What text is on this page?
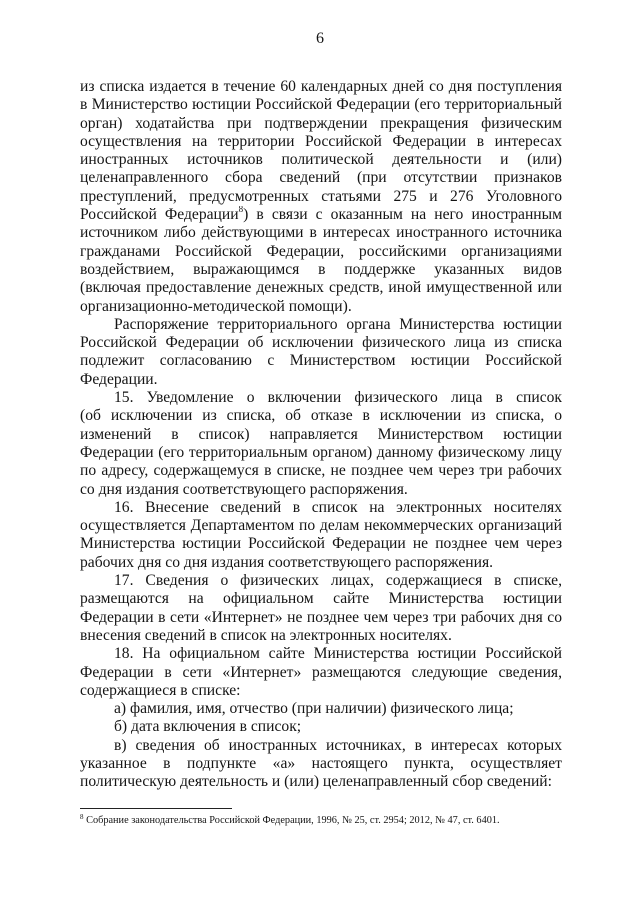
6
из списка издается в течение 60 календарных дней со дня поступления
в Министерство юстиции Российской Федерации (его территориальный
орган) ходатайства при подтверждении прекращения физическим
осуществления на территории Российской Федерации в интересах
иностранных источников политической деятельности и (или)
целенаправленного сбора сведений (при отсутствии признаков
преступлений, предусмотренных статьями 275 и 276 Уголовного
Российской Федерации$^8$) в связи с оказанным на него иностранным
источником либо действующими в интересах иностранного источника
гражданами Российской Федерации, российскими организациями
воздействием, выражающимся в поддержке указанных видов
(включая предоставление денежных средств, иной имущественной или
организационно-методической помощи).
Распоряжение территориального органа Министерства юстиции
Российской Федерации об исключении физического лица из списка
подлежит согласованию с Министерством юстиции Российской
Федерации.
15. Уведомление о включении физического лица в список
(об исключении из списка, об отказе в исключении из списка, о
изменений в список) направляется Министерством юстиции
Федерации (его территориальным органом) данному физическому лицу
по адресу, содержащемуся в списке, не позднее чем через три рабочих
со дня издания соответствующего распоряжения.
16. Внесение сведений в список на электронных носителях
осуществляется Департаментом по делам некоммерческих организаций
Министерства юстиции Российской Федерации не позднее чем через
рабочих дня со дня издания соответствующего распоряжения.
17. Сведения о физических лицах, содержащиеся в списке,
размещаются на официальном сайте Министерства юстиции
Федерации в сети «Интернет» не позднее чем через три рабочих дня со
внесения сведений в список на электронных носителях.
18. На официальном сайте Министерства юстиции Российской
Федерации в сети «Интернет» размещаются следующие сведения,
содержащиеся в списке:
а) фамилия, имя, отчество (при наличии) физического лица;
б) дата включения в список;
в) сведения об иностранных источниках, в интересах которых
указанное в подпункте «а» настоящего пункта, осуществляет
политическую деятельность и (или) целенаправленный сбор сведений:
$^8$ Собрание законодательства Российской Федерации, 1996, № 25, ст. 2954; 2012, № 47, ст. 6401.
